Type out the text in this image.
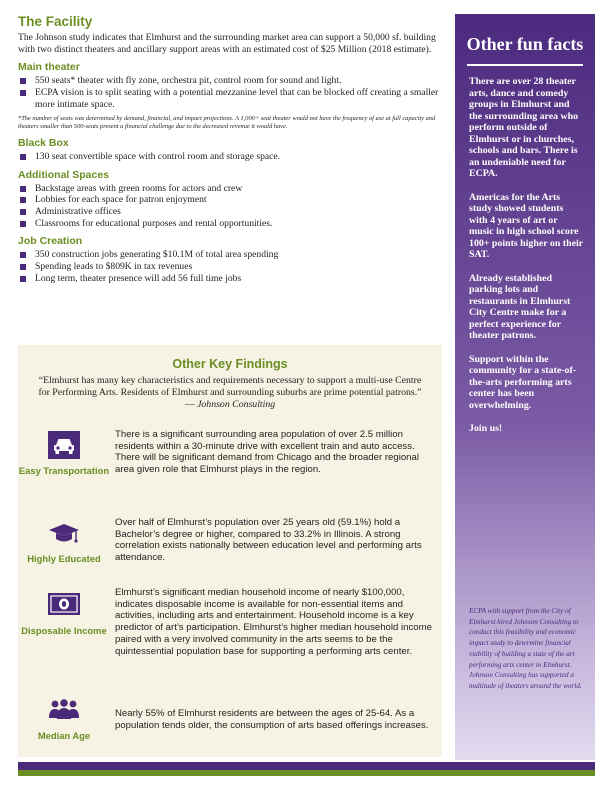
The Facility

The Johnson study indicates that Elmhurst and the surrounding market area can support a 50,000 sf. building with two distinct theaters and ancillary support areas with an estimated cost of $25 Million (2018 estimate).

Main theater
550 seats* theater with fly zone, orchestra pit, control room for sound and light.
ECPA vision is to split seating with a potential mezzanine level that can be blocked off creating a smaller more intimate space.

*The number of seats was determined by demand, financial, and impact projections. A 1,000+ seat theater would not have the frequency of use at full capacity and theaters smaller than 500-seats present a financial challenge due to the decreased revenue it would have.

Black Box
130 seat convertible space with control room and storage space.
Additional Spaces
Backstage areas with green rooms for actors and crew
Lobbies for each space for patron enjoyment
Administrative offices
Classrooms for educational purposes and rental opportunities.
Job Creation
350 construction jobs generating $10.1M of total area spending
Spending leads to $809K in tax revenues
Long term, theater presence will add 56 full time jobs
Other Key Findings

“Elmhurst has many key characteristics and requirements necessary to support a multi-use Centre for Performing Arts. Residents of Elmhurst and surrounding suburbs are prime potential patrons.” — Johnson Consulting

Easy Transportation
There is a significant surrounding area population of over 2.5 million residents within a 30-minute drive with excellent train and auto access. There will be significant demand from Chicago and the broader regional area given role that Elmhurst plays in the region.
Highly Educated
Over half of Elmhurst’s population over 25 years old (59.1%) hold a Bachelor’s degree or higher, compared to 33.2% in Illinois. A strong correlation exists nationally between education level and performing arts attendance.
Disposable Income
Elmhurst’s significant median household income of nearly $100,000, indicates disposable income is available for non-essential items and activities, including arts and entertainment. Household income is a key predictor of art’s participation. Elmhurst’s higher median household income paired with a very involved community in the arts seems to be the quintessential population base for supporting a performing arts center.
Median Age
Nearly 55% of Elmhurst residents are between the ages of 25-64. As a population tends older, the consumption of arts based offerings increases.
Other fun facts

There are over 28 theater arts, dance and comedy groups in Elmhurst and the surrounding area who perform outside of Elmhurst or in churches, schools and bars. There is an undeniable need for ECPA.

Americas for the Arts study showed students with 4 years of art or music in high school score 100+ points higher on their SAT.

Already established parking lots and restaurants in Elmhurst City Centre make for a perfect experience for theater patrons.

Support within the community for a state-of-the-arts performing arts center has been overwhelming.

Join us!

ECPA with support from the City of Elmhurst hired Johnson Consulting to conduct this feasibility and economic impact study to determine financial viability of building a state of the art performing arts center in Elmhurst. Johnson Consulting has supported a multitude of theaters around the world.
